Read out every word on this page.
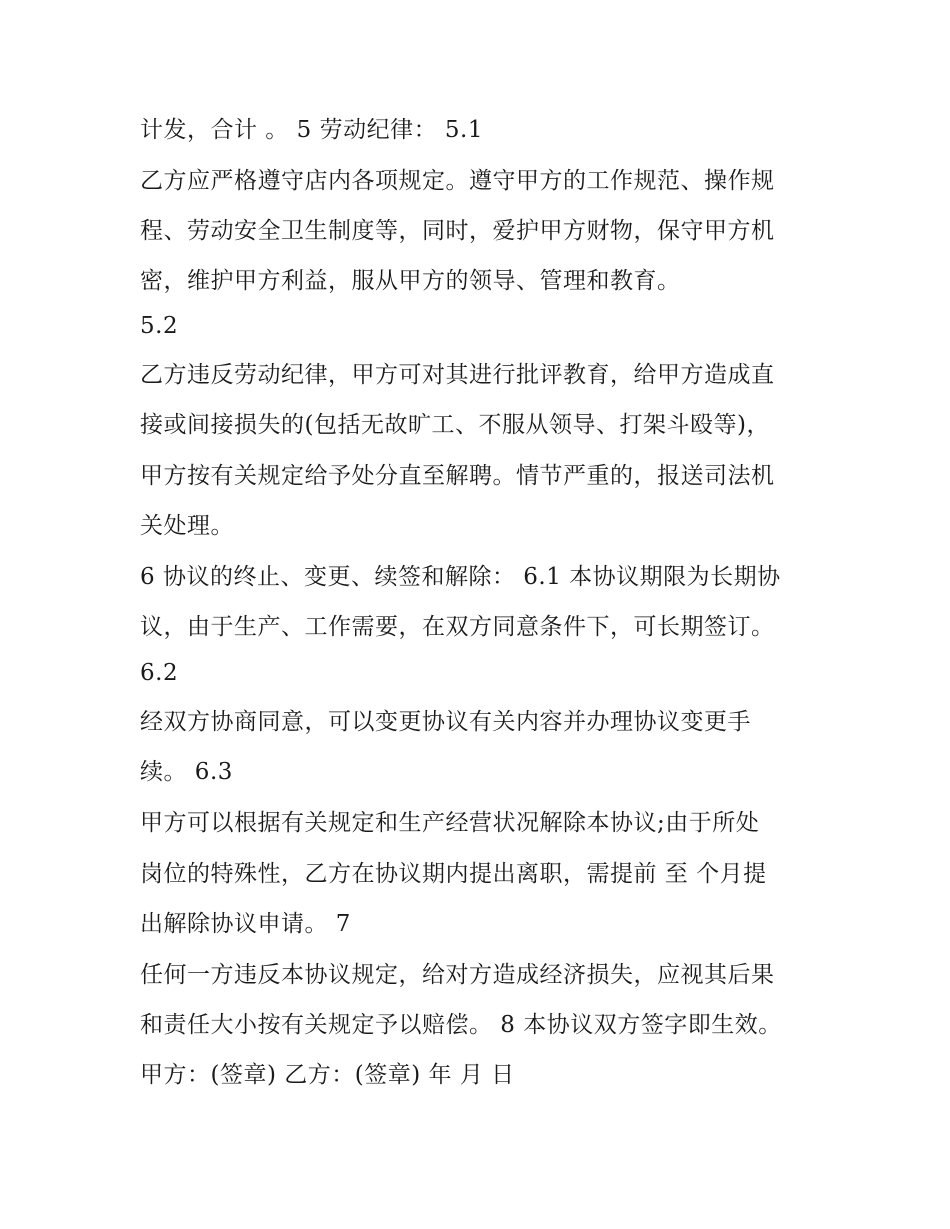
计发，合计 。 5 劳动纪律： 5.1
乙方应严格遵守店内各项规定。遵守甲方的工作规范、操作规
程、劳动安全卫生制度等，同时，爱护甲方财物，保守甲方机
密，维护甲方利益，服从甲方的领导、管理和教育。
5.2
乙方违反劳动纪律，甲方可对其进行批评教育，给甲方造成直
接或间接损失的(包括无故旷工、不服从领导、打架斗殴等)，
甲方按有关规定给予处分直至解聘。情节严重的，报送司法机
关处理。
6 协议的终止、变更、续签和解除： 6.1 本协议期限为长期协
议，由于生产、工作需要，在双方同意条件下，可长期签订。
6.2
经双方协商同意，可以变更协议有关内容并办理协议变更手
续。 6.3
甲方可以根据有关规定和生产经营状况解除本协议;由于所处
岗位的特殊性，乙方在协议期内提出离职，需提前 至 个月提
出解除协议申请。 7
任何一方违反本协议规定，给对方造成经济损失，应视其后果
和责任大小按有关规定予以赔偿。 8 本协议双方签字即生效。
甲方：(签章) 乙方：(签章) 年 月 日
